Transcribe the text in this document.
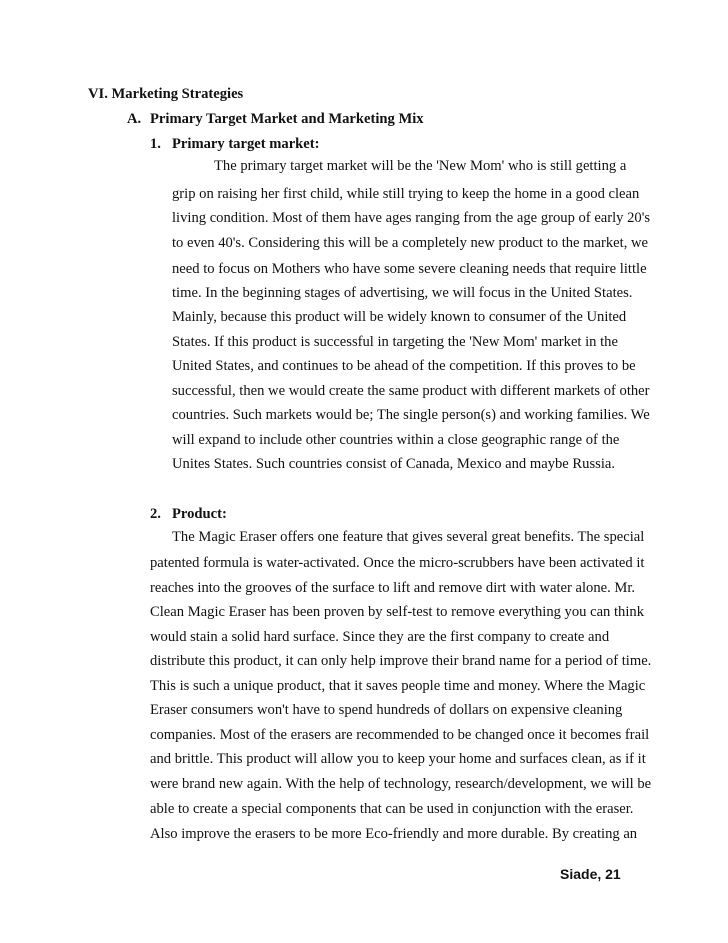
VI. Marketing Strategies
A. Primary Target Market and Marketing Mix
1. Primary target market:
The primary target market will be the 'New Mom' who is still getting a
grip on raising her first child, while still trying to keep the home in a good clean
living condition. Most of them have ages ranging from the age group of early 20's
to even 40's. Considering this will be a completely new product to the market, we
need to focus on Mothers who have some severe cleaning needs that require little
time. In the beginning stages of advertising, we will focus in the United States.
Mainly, because this product will be widely known to consumer of the United
States. If this product is successful in targeting the 'New Mom' market in the
United States, and continues to be ahead of the competition. If this proves to be
successful, then we would create the same product with different markets of other
countries. Such markets would be; The single person(s) and working families. We
will expand to include other countries within a close geographic range of the
Unites States. Such countries consist of Canada, Mexico and maybe Russia.
2. Product:
The Magic Eraser offers one feature that gives several great benefits. The special
patented formula is water-activated. Once the micro-scrubbers have been activated it
reaches into the grooves of the surface to lift and remove dirt with water alone. Mr.
Clean Magic Eraser has been proven by self-test to remove everything you can think
would stain a solid hard surface. Since they are the first company to create and
distribute this product, it can only help improve their brand name for a period of time.
This is such a unique product, that it saves people time and money. Where the Magic
Eraser consumers won't have to spend hundreds of dollars on expensive cleaning
companies. Most of the erasers are recommended to be changed once it becomes frail
and brittle. This product will allow you to keep your home and surfaces clean, as if it
were brand new again. With the help of technology, research/development, we will be
able to create a special components that can be used in conjunction with the eraser.
Also improve the erasers to be more Eco-friendly and more durable. By creating an
Siade, 21
